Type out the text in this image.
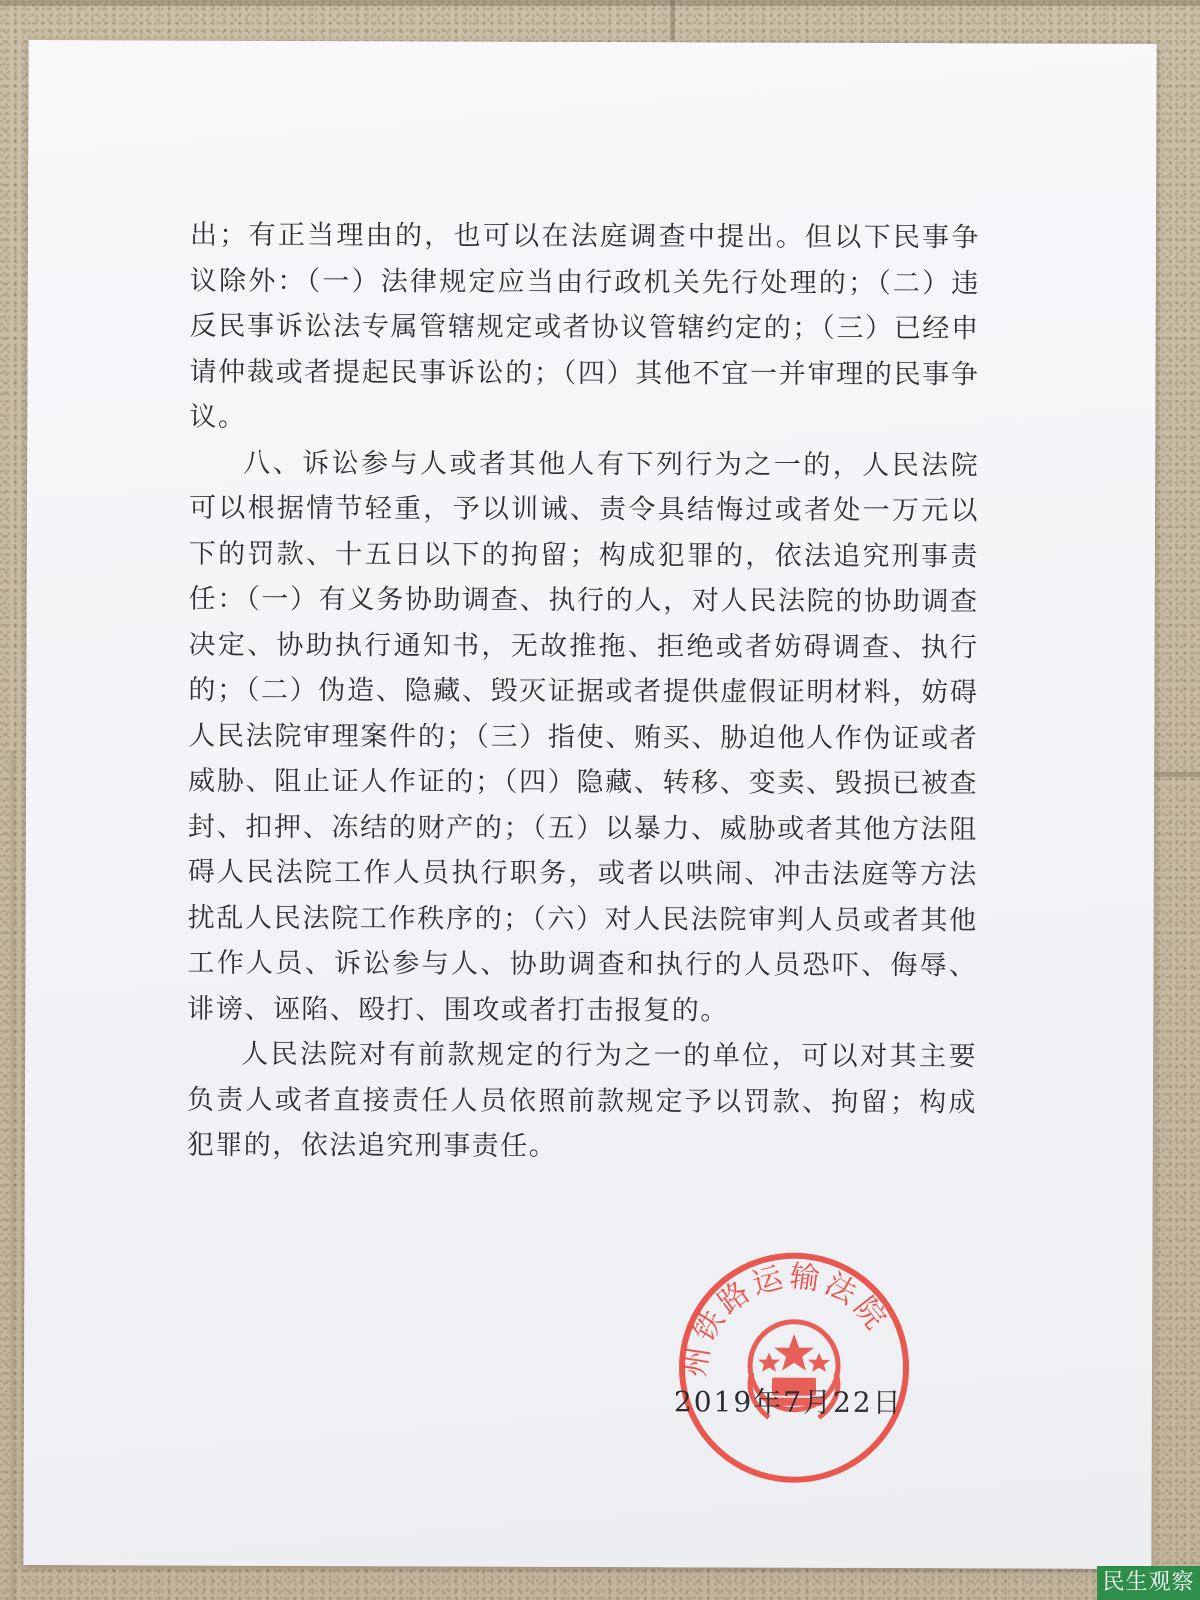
出；有正当理由的，也可以在法庭调查中提出。但以下民事争议除外：（一）法律规定应当由行政机关先行处理的；（二）违反民事诉讼法专属管辖规定或者协议管辖约定的；（三）已经申请仲裁或者提起民事诉讼的；（四）其他不宜一并审理的民事争议。

八、诉讼参与人或者其他人有下列行为之一的，人民法院可以根据情节轻重，予以训诫、责令具结悔过或者处一万元以下的罚款、十五日以下的拘留；构成犯罪的，依法追究刑事责任：（一）有义务协助调查、执行的人，对人民法院的协助调查决定、协助执行通知书，无故推拖、拒绝或者妨碍调查、执行的；（二）伪造、隐藏、毁灭证据或者提供虚假证明材料，妨碍人民法院审理案件的；（三）指使、贿买、胁迫他人作伪证或者威胁、阻止证人作证的；（四）隐藏、转移、变卖、毁损已被查封、扣押、冻结的财产的；（五）以暴力、威胁或者其他方法阻碍人民法院工作人员执行职务，或者以哄闹、冲击法庭等方法扰乱人民法院工作秩序的；（六）对人民法院审判人员或者其他工作人员、诉讼参与人、协助调查和执行的人员恐吓、侮辱、诽谤、诬陷、殴打、围攻或者打击报复的。

人民法院对有前款规定的行为之一的单位，可以对其主要负责人或者直接责任人员依照前款规定予以罚款、拘留；构成犯罪的，依法追究刑事责任。

州铁路运输法院
2019年7月22日
民生观察
